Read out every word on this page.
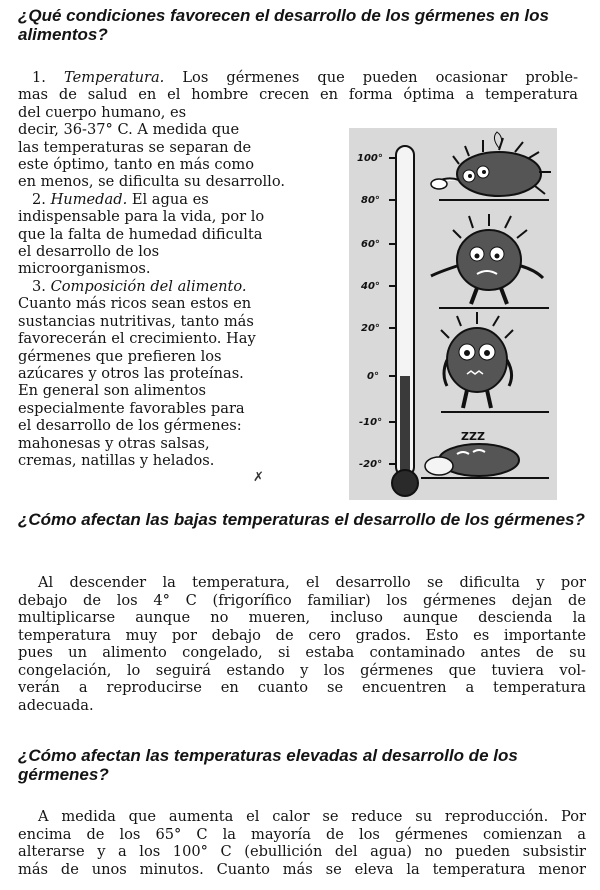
¿Qué condiciones favorecen el desarrollo de los gérmenes en los alimentos?
1. Temperatura. Los gérmenes que pueden ocasionar proble-
mas de salud en el hombre crecen en forma óptima a temperatura
del cuerpo humano, es
decir, 36-37° C. A medida que
las temperaturas se separan de
este óptimo, tanto en más como
en menos, se dificulta su desarrollo.
2. Humedad. El agua es
indispensable para la vida, por lo
que la falta de humedad dificulta
el desarrollo de los
microorganismos.
3. Composición del alimento.
Cuanto más ricos sean estos en
sustancias nutritivas, tanto más
favorecerán el crecimiento. Hay
gérmenes que prefieren los
azúcares y otros las proteínas.
En general son alimentos
especialmente favorables para
el desarrollo de los gérmenes:
mahonesas y otras salsas,
cremas, natillas y helados.
✗
100°
80°
60°
40°
20°
0°
-10°
-20°
ZZZ
¿Cómo afectan las bajas temperaturas el desarrollo de los gérmenes?
Al descender la temperatura, el desarrollo se dificulta y por
debajo de los 4° C (frigorífico familiar) los gérmenes dejan de
multiplicarse aunque no mueren, incluso aunque descienda la
temperatura muy por debajo de cero grados. Esto es importante
pues un alimento congelado, si estaba contaminado antes de su
congelación, lo seguirá estando y los gérmenes que tuviera vol-
verán a reproducirse en cuanto se encuentren a temperatura
adecuada.
¿Cómo afectan las temperaturas elevadas al desarrollo de los gérmenes?
A medida que aumenta el calor se reduce su reproducción. Por
encima de los 65° C la mayoría de los gérmenes comienzan a
alterarse y a los 100° C (ebullición del agua) no pueden subsistir
más de unos minutos. Cuanto más se eleva la temperatura menor
